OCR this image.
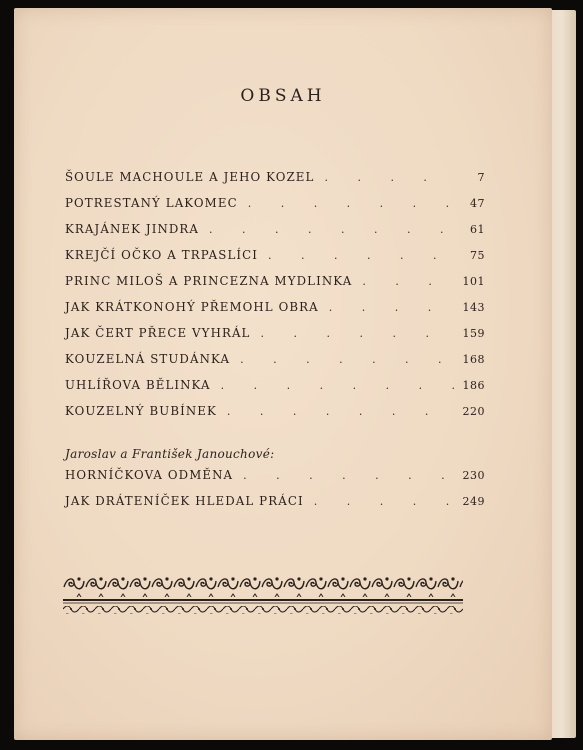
OBSAH
ŠOULE MACHOULE A JEHO KOZEL . . .	7
POTRESTANÝ LAKOMEC . . .	47
KRAJÁNEK JINDRA . . .	61
KREJČÍ OČKO A TRPASLÍCI . . .	75
PRINC MILOŠ A PRINCEZNA MYDLINKA . . .	101
JAK KRÁTKONOHÝ PŘEMOHL OBRA . . .	143
JAK ČERT PŘECE VYHRÁL . . .	159
KOUZELNÁ STUDÁNKA . . .	168
UHLÍŘOVA BĚLINKA . . .	186
KOUZELNÝ BUBÍNEK . . .	220
Jaroslav a František Janouchové:
HORNÍČKOVA ODMĚNA . . .	230
JAK DRÁTENÍČEK HLEDAL PRÁCI . . .	249
